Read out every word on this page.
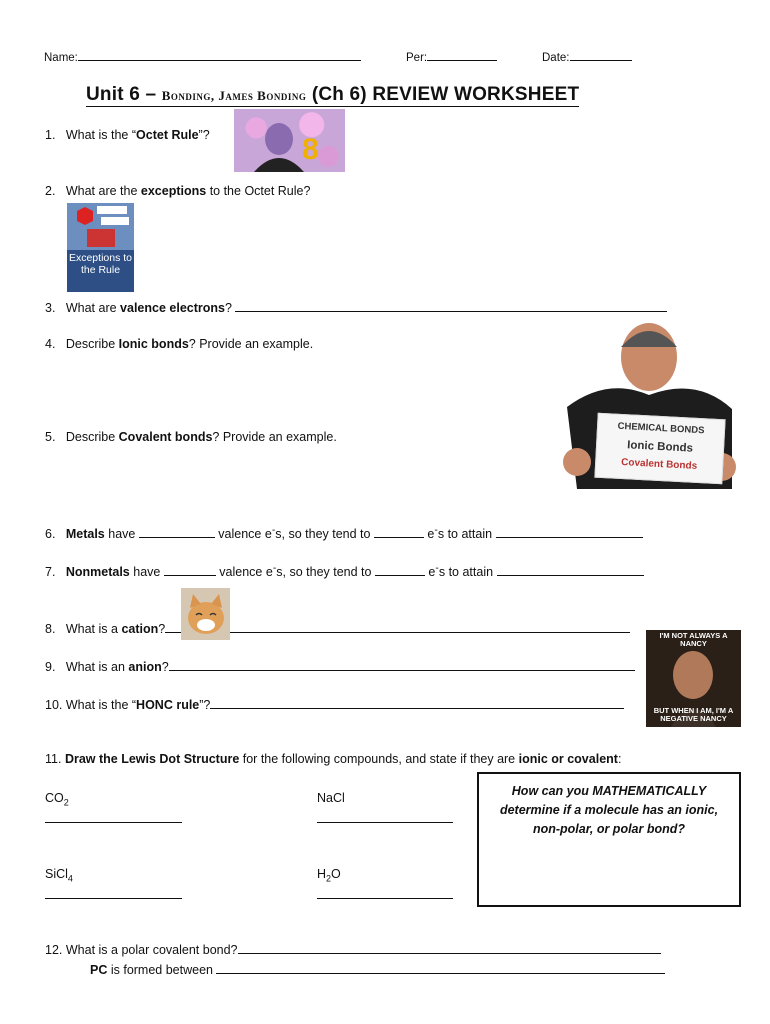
Name:	Per:	Date:
Unit 6 – Bonding, James Bonding (Ch 6) REVIEW WORKSHEET
1. What is the “Octet Rule”?	8
2. What are the exceptions to the Octet Rule?
Exceptions to the Rule
3. What are valence electrons?
4. Describe Ionic bonds? Provide an example.
5. Describe Covalent bonds? Provide an example.
CHEMICAL BONDS
Ionic Bonds
Covalent Bonds
6. Metals have	valence e-s, so they tend to	e-s to attain
7. Nonmetals have	valence e-s, so they tend to	e-s to attain
8. What is a cation?
9. What is an anion?
10. What is the “HONC rule”?
I'M NOT ALWAYS A NANCY
BUT WHEN I AM, I'M A NEGATIVE NANCY
11. Draw the Lewis Dot Structure for the following compounds, and state if they are ionic or covalent:
$CO_2$	NaCl
SiCl$_4$	$H_2O$
How can you MATHEMATICALLY
determine if a molecule has an ionic,
non-polar, or polar bond?
12. What is a polar covalent bond?
PC is formed between
